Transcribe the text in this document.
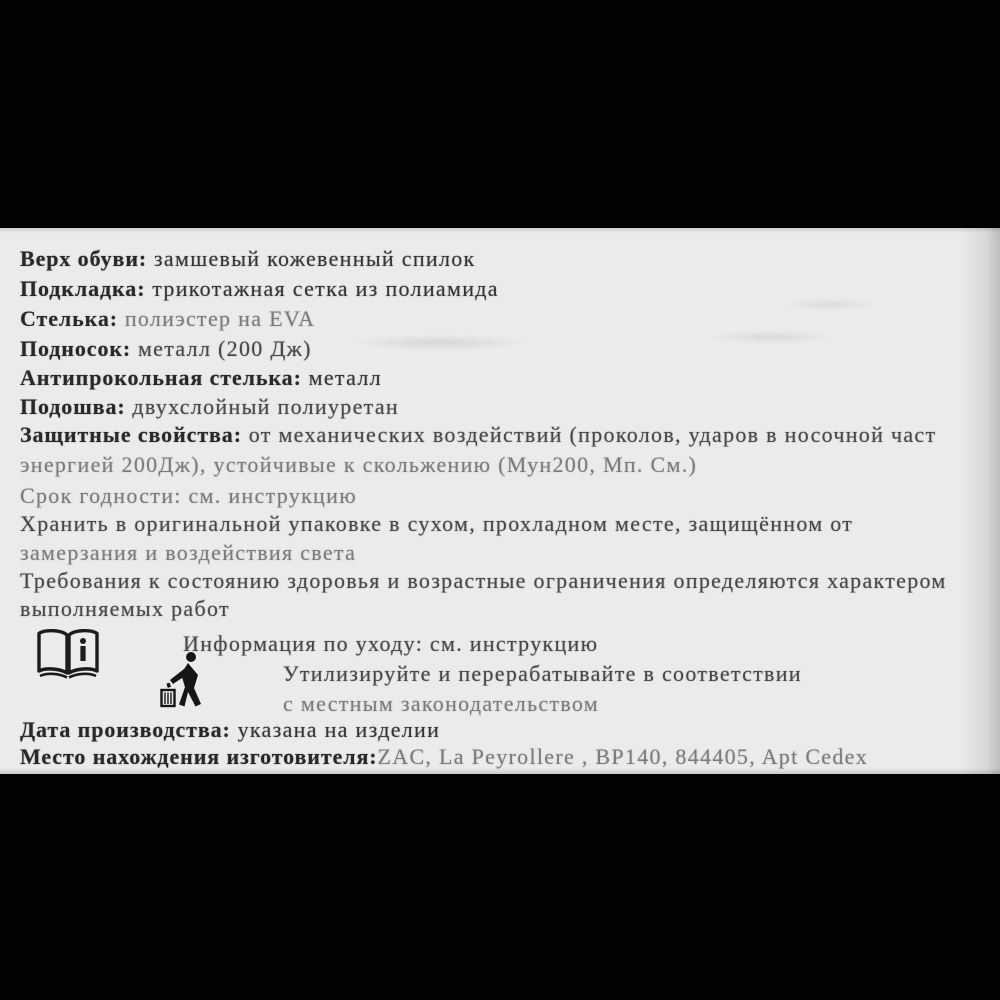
Верх обуви: замшевый кожевенный спилок
Подкладка: трикотажная сетка из полиамида
Стелька: полиэстер на EVA
Подносок: металл (200 Дж)
Антипрокольная стелька: металл
Подошва: двухслойный полиуретан
Защитные свойства: от механических воздействий (проколов, ударов в носочной част
энергией 200Дж), устойчивые к скольжению (Мун200, Мп. См.)
Срок годности: см. инструкцию
Хранить в оригинальной упаковке в сухом, прохладном месте, защищённом от
замерзания и воздействия света
Требования к состоянию здоровья и возрастные ограничения определяются характером
выполняемых работ
Информация по уходу: см. инструкцию
Утилизируйте и перерабатывайте в соответствии
с местным законодательством
Дата производства: указана на изделии
Место нахождения изготовителя:ZAC, La Peyrollere , BP140, 844405, Apt Cedex
